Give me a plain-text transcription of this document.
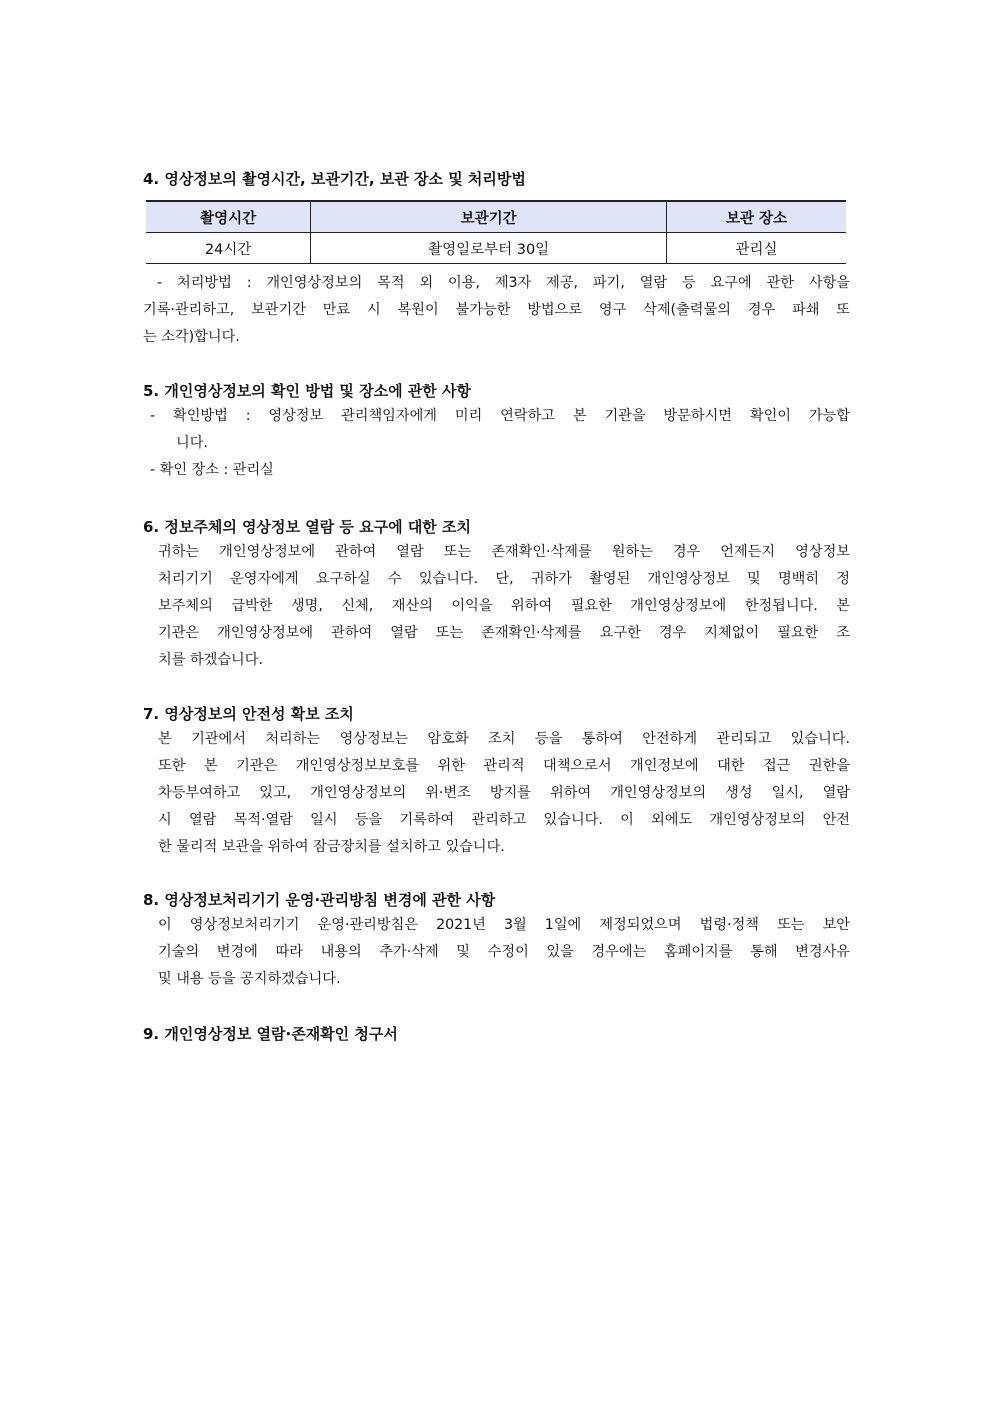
4. 영상정보의 촬영시간, 보관기간, 보관 장소 및 처리방법
촬영시간	보관기간	보관 장소
24시간	촬영일로부터 30일	관리실
- 처리방법 : 개인영상정보의 목적 외 이용, 제3자 제공, 파기, 열람 등 요구에 관한 사항을
기록·관리하고, 보관기간 만료 시 복원이 불가능한 방법으로 영구 삭제(출력물의 경우 파쇄 또
는 소각)합니다.
5. 개인영상정보의 확인 방법 및 장소에 관한 사항
- 확인방법 : 영상정보 관리책임자에게 미리 연락하고 본 기관을 방문하시면 확인이 가능합
니다.
- 확인 장소 : 관리실
6. 정보주체의 영상정보 열람 등 요구에 대한 조치
귀하는 개인영상정보에 관하여 열람 또는 존재확인·삭제를 원하는 경우 언제든지 영상정보
처리기기 운영자에게 요구하실 수 있습니다. 단, 귀하가 촬영된 개인영상정보 및 명백히 정
보주체의 급박한 생명, 신체, 재산의 이익을 위하여 필요한 개인영상정보에 한정됩니다. 본
기관은 개인영상정보에 관하여 열람 또는 존재확인·삭제를 요구한 경우 지체없이 필요한 조
치를 하겠습니다.
7. 영상정보의 안전성 확보 조치
본 기관에서 처리하는 영상정보는 암호화 조치 등을 통하여 안전하게 관리되고 있습니다.
또한 본 기관은 개인영상정보보호를 위한 관리적 대책으로서 개인정보에 대한 접근 권한을
차등부여하고 있고, 개인영상정보의 위·변조 방지를 위하여 개인영상정보의 생성 일시, 열람
시 열람 목적·열람 일시 등을 기록하여 관리하고 있습니다. 이 외에도 개인영상정보의 안전
한 물리적 보관을 위하여 잠금장치를 설치하고 있습니다.
8. 영상정보처리기기 운영·관리방침 변경에 관한 사항
이 영상정보처리기기 운영·관리방침은 2021년 3월 1일에 제정되었으며 법령·정책 또는 보안
기술의 변경에 따라 내용의 추가·삭제 및 수정이 있을 경우에는 홈페이지를 통해 변경사유
및 내용 등을 공지하겠습니다.
9. 개인영상정보 열람·존재확인 청구서
